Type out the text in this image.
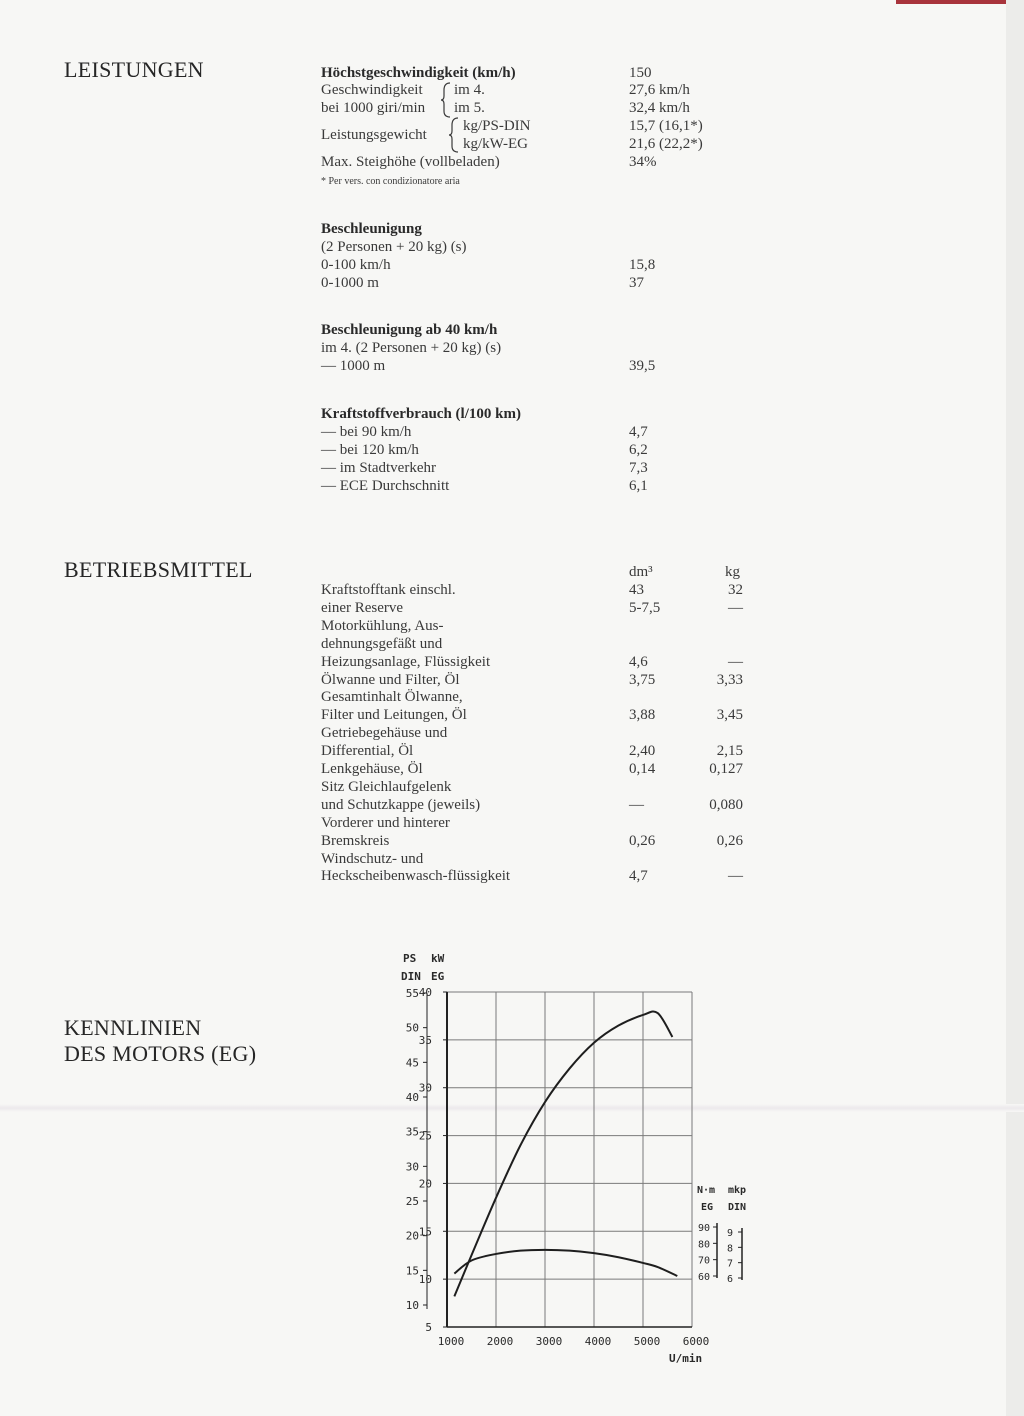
LEISTUNGEN	Höchstgeschwindigkeit (km/h)	150
Geschwindigkeit
bei 1000 giri/min
im 4.	27,6 km/h
im 5.	32,4 km/h
Leistungsgewicht
kg/PS-DIN	15,7 (16,1*)
kg/kW-EG	21,6 (22,2*)
Max. Steighöhe (vollbeladen)	34%
* Per vers. con condizionatore aria
Beschleunigung
(2 Personen + 20 kg) (s)
0-100 km/h	15,8
0-1000 m	37
Beschleunigung ab 40 km/h
im 4. (2 Personen + 20 kg) (s)
— 1000 m	39,5
Kraftstoffverbrauch (l/100 km)
— bei 90 km/h	4,7
— bei 120 km/h	6,2
— im Stadtverkehr	7,3
— ECE Durchschnitt	6,1
BETRIEBSMITTEL	dm³	kg
Kraftstofftank einschl.	43	32
einer Reserve	5-7,5	—
Motorkühlung, Aus-
dehnungsgefäßt und
Heizungsanlage, Flüssigkeit	4,6	—
Ölwanne und Filter, Öl	3,75	3,33
Gesamtinhalt Ölwanne,
Filter und Leitungen, Öl	3,88	3,45
Getriebegehäuse und
Differential, Öl	2,40	2,15
Lenkgehäuse, Öl	0,14	0,127
Sitz Gleichlaufgelenk
und Schutzkappe (jeweils)	—	0,080
Vorderer und hinterer
Bremskreis	0,26	0,26
Windschutz- und
Heckscheibenwasch-flüssigkeit	4,7	—
KENNLINIEN
DES MOTORS (EG)
PS
DIN
55
50
45
40
35
30
25
20
15
10
kW
EG
40
35
30
25
20
15
10
5
1000 2000 3000 4000 5000 6000
U/min
N·m
EG
mkp
DIN
90
80
70
60
9
8
7
6
